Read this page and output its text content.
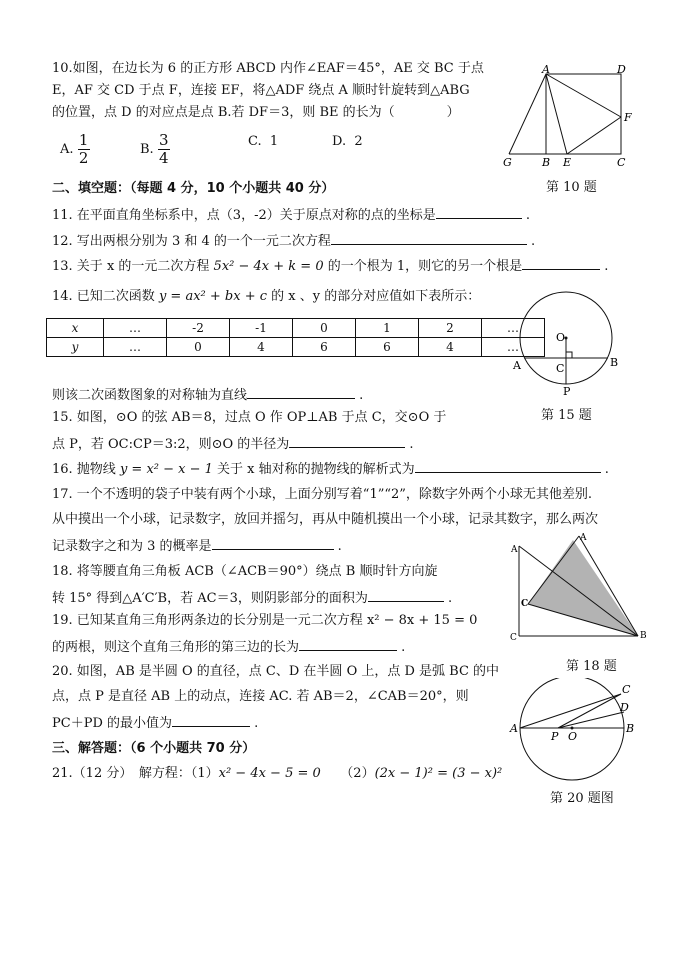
10.如图，在边长为 6 的正方形 ABCD 内作∠EAF＝45°，AE 交 BC 于点
E，AF 交 CD 于点 F，连接 EF，将△ADF 绕点 A 顺时针旋转到△ABG
的位置，点 D 的对应点是点 B.若 DF＝3，则 BE 的长为（　　　　）
A. $\frac{1}{2}$	B. $\frac{3}{4}$	C. 1	D. 2
A	D
F
G	B E	C
第 10 题
二、填空题：（每题 4 分，10 个小题共 40 分）
11. 在平面直角坐标系中，点（3，-2）关于原点对称的点的坐标是	.
12. 写出两根分别为 3 和 4 的一个一元二次方程	.
13. 关于 x 的一元二次方程 5x² − 4x + k = 0 的一个根为 1，则它的另一个根是	.
14. 已知二次函数 y = ax² + bx + c 的 x 、y 的部分对应值如下表所示：
x	…	-2	-1	0	1	2	…
y	…	0	4	6	6	4	…
O
A	B
C
P
第 15 题
则该二次函数图象的对称轴为直线	.
15. 如图，⊙O 的弦 AB＝8，过点 O 作 OP⊥AB 于点 C，交⊙O 于
点 P，若 OC:CP＝3:2，则⊙O 的半径为	.
16. 抛物线 y = x² − x − 1 关于 x 轴对称的抛物线的解析式为	.
17. 一个不透明的袋子中装有两个小球，上面分别写着“1”“2”，除数字外两个小球无其他差别.
从中摸出一个小球，记录数字，放回并摇匀，再从中随机摸出一个小球，记录其数字，那么两次
记录数字之和为 3 的概率是	.	A
C	B
C
A
第 18 题
18. 将等腰直角三角板 ACB（∠ACB＝90°）绕点 B 顺时针方向旋
转 15° 得到△A′C′B，若 AC＝3，则阴影部分的面积为	.
19. 已知某直角三角形两条边的长分别是一元二次方程 x² − 8x + 15 = 0
的两根，则这个直角三角形的第三边的长为	.
20. 如图，AB 是半圆 O 的直径，点 C、D 在半圆 O 上，点 D 是弧 BC 的中
点，点 P 是直径 AB 上的动点，连接 AC. 若 AB＝2，∠CAB＝20°，则
PC＋PD 的最小值为	.	A	B
C
D
P O
第 20 题图
三、解答题：（6 个小题共 70 分）
21.（12 分）　解方程：（1）x² − 4x − 5 = 0　　（2）(2x − 1)² = (3 − x)²
